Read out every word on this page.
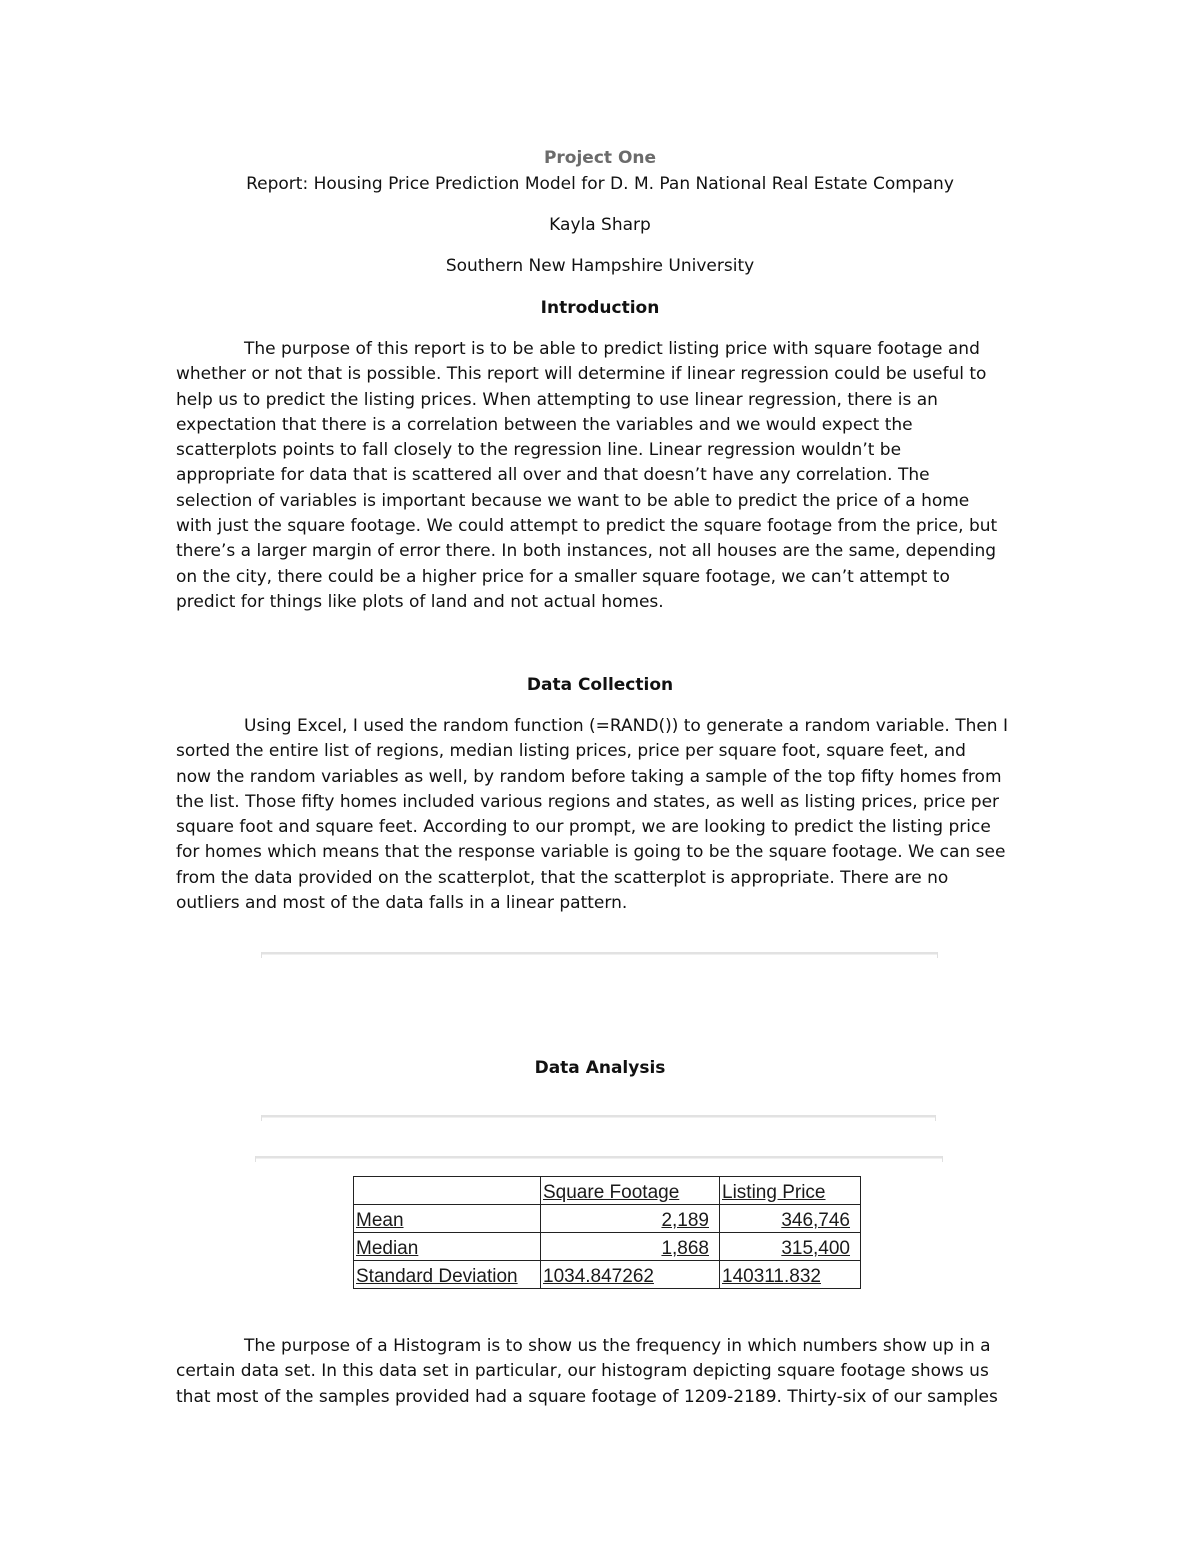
Project One
Report: Housing Price Prediction Model for D. M. Pan National Real Estate Company
Kayla Sharp
Southern New Hampshire University
Introduction
The purpose of this report is to be able to predict listing price with square footage and
whether or not that is possible. This report will determine if linear regression could be useful to
help us to predict the listing prices. When attempting to use linear regression, there is an
expectation that there is a correlation between the variables and we would expect the
scatterplots points to fall closely to the regression line. Linear regression wouldn’t be
appropriate for data that is scattered all over and that doesn’t have any correlation. The
selection of variables is important because we want to be able to predict the price of a home
with just the square footage. We could attempt to predict the square footage from the price, but
there’s a larger margin of error there. In both instances, not all houses are the same, depending
on the city, there could be a higher price for a smaller square footage, we can’t attempt to
predict for things like plots of land and not actual homes.
Data Collection
Using Excel, I used the random function (=RAND()) to generate a random variable. Then I
sorted the entire list of regions, median listing prices, price per square foot, square feet, and
now the random variables as well, by random before taking a sample of the top fifty homes from
the list. Those fifty homes included various regions and states, as well as listing prices, price per
square foot and square feet. According to our prompt, we are looking to predict the listing price
for homes which means that the response variable is going to be the square footage. We can see
from the data provided on the scatterplot, that the scatterplot is appropriate. There are no
outliers and most of the data falls in a linear pattern.
Data Analysis
	Square Footage	Listing Price
Mean	2,189	346,746
Median	1,868	315,400
Standard Deviation	1034.847262	140311.832
The purpose of a Histogram is to show us the frequency in which numbers show up in a
certain data set. In this data set in particular, our histogram depicting square footage shows us
that most of the samples provided had a square footage of 1209-2189. Thirty-six of our samples
